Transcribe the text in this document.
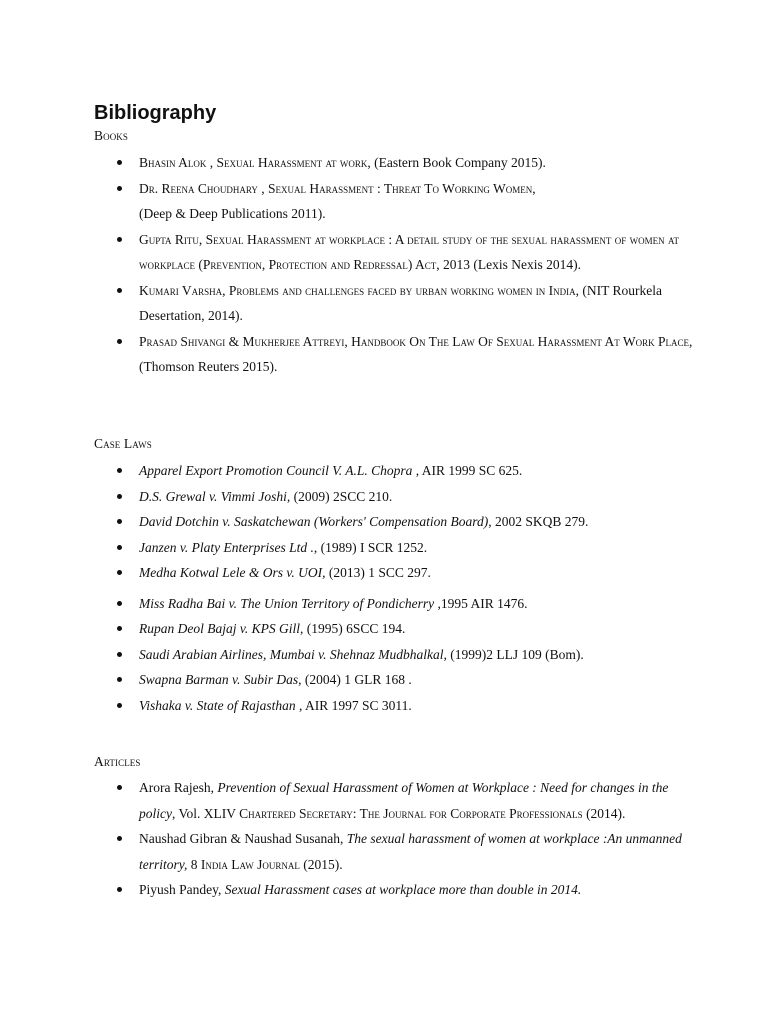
Bibliography

Books

Bhasin Alok , Sexual Harassment at work, (Eastern Book Company 2015).
Dr. Reena Choudhary , Sexual Harassment : Threat To Working Women,
(Deep & Deep Publications 2011).
Gupta Ritu, Sexual Harassment at workplace : A detail study of the sexual harassment of women at workplace (Prevention, Protection and Redressal) Act, 2013 (Lexis Nexis 2014).
Kumari Varsha, Problems and challenges faced by urban working women in India, (NIT Rourkela Desertation, 2014).
Prasad Shivangi & Mukherjee Attreyi, Handbook On The Law Of Sexual Harassment At Work Place, (Thomson Reuters 2015).

Case Laws

Apparel Export Promotion Council V. A.L. Chopra , AIR 1999 SC 625.
D.S. Grewal v. Vimmi Joshi, (2009) 2SCC 210.
David Dotchin v. Saskatchewan (Workers' Compensation Board), 2002 SKQB 279.
Janzen v. Platy Enterprises Ltd ., (1989) I SCR 1252.
Medha Kotwal Lele & Ors v. UOI, (2013) 1 SCC 297.
Miss Radha Bai v. The Union Territory of Pondicherry ,1995 AIR 1476.
Rupan Deol Bajaj v. KPS Gill, (1995) 6SCC 194.
Saudi Arabian Airlines, Mumbai v. Shehnaz Mudbhalkal, (1999)2 LLJ 109 (Bom).
Swapna Barman v. Subir Das, (2004) 1 GLR 168 .
Vishaka v. State of Rajasthan , AIR 1997 SC 3011.

Articles

Arora Rajesh, Prevention of Sexual Harassment of Women at Workplace : Need for changes in the policy, Vol. XLIV Chartered Secretary: The Journal for Corporate Professionals (2014).
Naushad Gibran & Naushad Susanah, The sexual harassment of women at workplace :An unmanned territory, 8 India Law Journal (2015).
Piyush Pandey, Sexual Harassment cases at workplace more than double in 2014.
